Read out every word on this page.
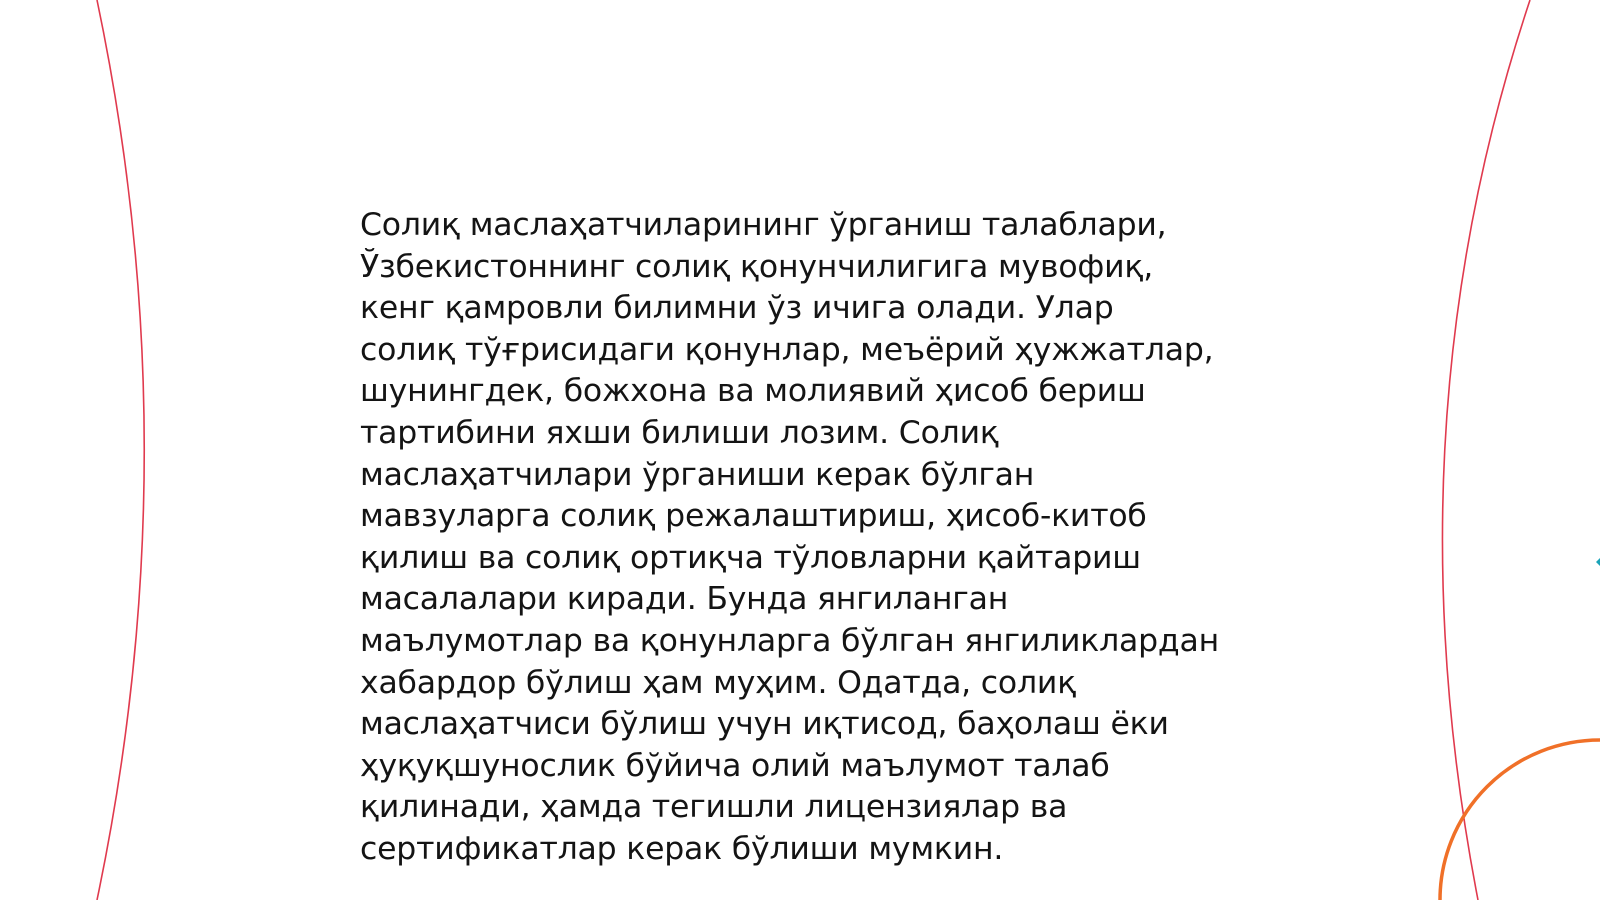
Солиқ маслаҳатчиларининг ўрганиш талаблари,
Ўзбекистоннинг солиқ қонунчилигига мувофиқ,
кенг қамровли билимни ўз ичига олади. Улар
солиқ тўғрисидаги қонунлар, меъёрий ҳужжатлар,
шунингдек, божхона ва молиявий ҳисоб бериш
тартибини яхши билиши лозим. Солиқ
маслаҳатчилари ўрганиши керак бўлган
мавзуларга солиқ режалаштириш, ҳисоб-китоб
қилиш ва солиқ ортиқча тўловларни қайтариш
масалалари киради. Бунда янгиланган
маълумотлар ва қонунларга бўлган янгиликлардан
хабардор бўлиш ҳам муҳим. Одатда, солиқ
маслаҳатчиси бўлиш учун иқтисод, баҳолаш ёки
ҳуқуқшунослик бўйича олий маълумот талаб
қилинади, ҳамда тегишли лицензиялар ва
сертификатлар керак бўлиши мумкин.
